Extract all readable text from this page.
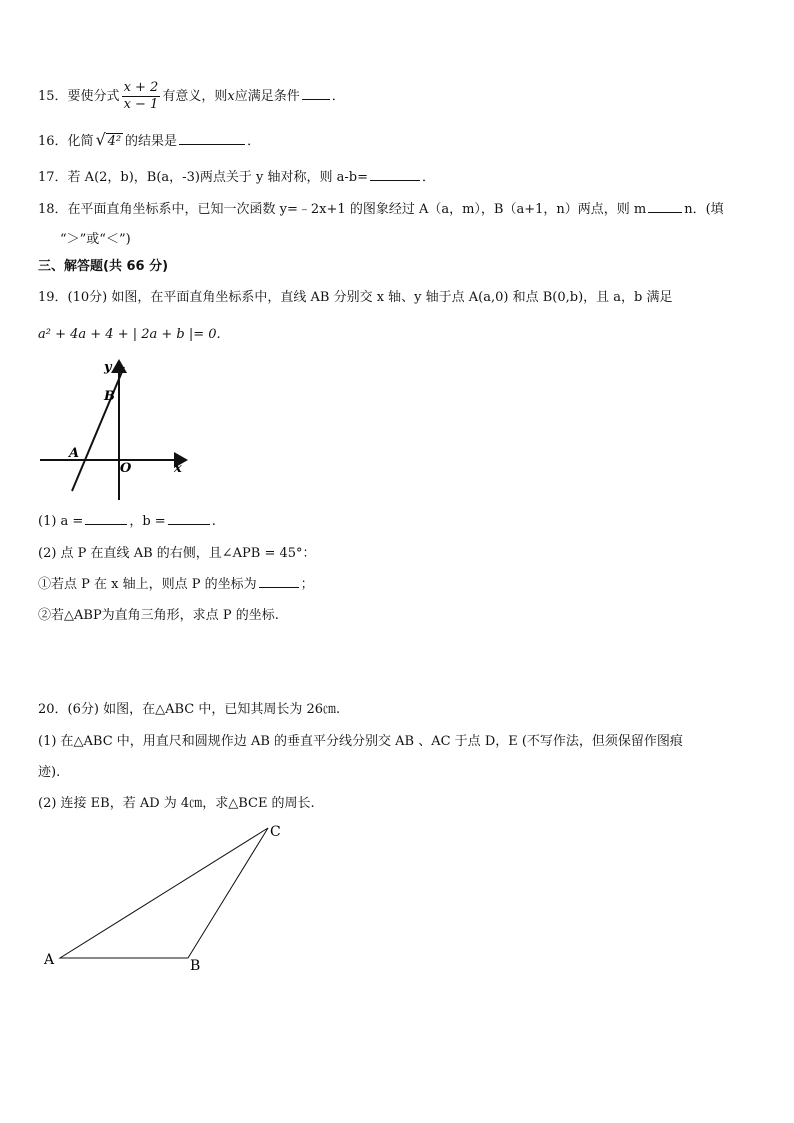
15．要使分式 $\frac{x + 2}{x - 1}$ 有意义，则x应满足条件 ．
16．化简 √ 4² 的结果是	．
17．若 A(2，b)，B(a，-3)两点关于 y 轴对称，则 a-b=	．
18．在平面直角坐标系中，已知一次函数 y=﹣2x+1 的图象经过 A（a，m），B（a+1，n）两点，则 m	n．(填
“＞”或“＜”)
三、解答题(共 66 分)
19．(10分) 如图，在平面直角坐标系中，直线 AB 分别交 x 轴、y 轴于点 A(a,0) 和点 B(0,b)，且 a，b 满足
a² + 4a + 4 + | 2a + b |= 0.
y
x
O
A
B
(1) a =	，b =	.
(2) 点 P 在直线 AB 的右侧，且∠APB = 45°：
①若点 P 在 x 轴上，则点 P 的坐标为	；
②若△ABP为直角三角形，求点 P 的坐标.
20．(6分) 如图，在△ABC 中，已知其周长为 26㎝.
(1) 在△ABC 中，用直尺和圆规作边 AB 的垂直平分线分别交 AB 、AC 于点 D，E (不写作法，但须保留作图痕
迹).
(2) 连接 EB，若 AD 为 4㎝，求△BCE 的周长.
A	B
C
